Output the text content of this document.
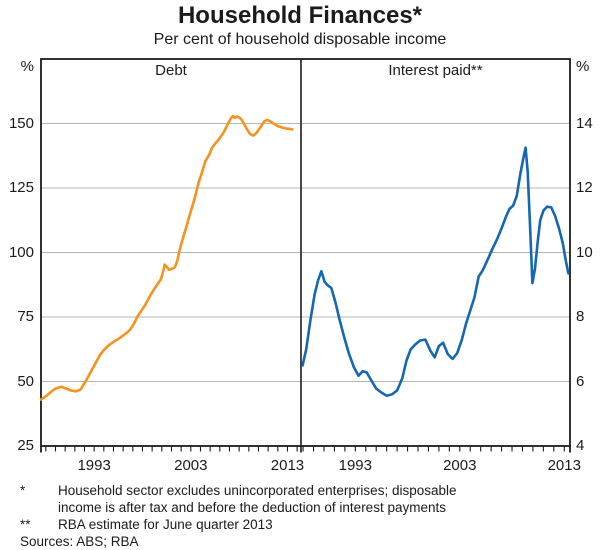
Household Finances*
Per cent of household disposable income
%
150
125
100
75
50
25
1993	2003	2013
Debt	%
14
12
10
8
6
4
1993	2003	2013
Interest paid**
*	Household sector excludes unincorporated enterprises; disposable
income is after tax and before the deduction of interest payments
**	RBA estimate for June quarter 2013
Sources: ABS; RBA
